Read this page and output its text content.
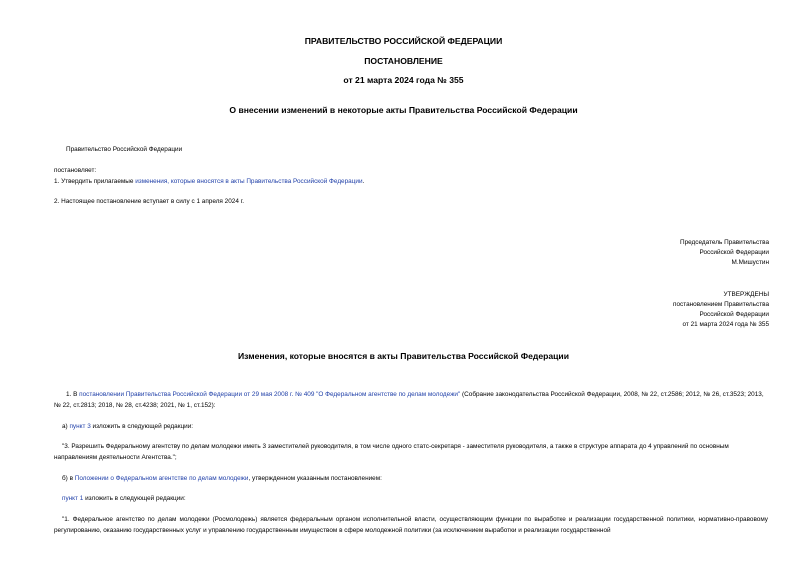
ПРАВИТЕЛЬСТВО РОССИЙСКОЙ ФЕДЕРАЦИИ
ПОСТАНОВЛЕНИЕ
от 21 марта 2024 года № 355
О внесении изменений в некоторые акты Правительства Российской Федерации
Правительство Российской Федерации
постановляет:
1. Утвердить прилагаемые изменения, которые вносятся в акты Правительства Российской Федерации.
2. Настоящее постановление вступает в силу с 1 апреля 2024 г.
Председатель Правительства
Российской Федерации
М.Мишустин
УТВЕРЖДЕНЫ
постановлением Правительства
Российской Федерации
от 21 марта 2024 года № 355
Изменения, которые вносятся в акты Правительства Российской Федерации
1. В постановлении Правительства Российской Федерации от 29 мая 2008 г. № 409 "О Федеральном агентстве по делам молодежи" (Собрание законодательства Российской Федерации, 2008, № 22, ст.2586; 2012, № 26, ст.3523; 2013, № 22, ст.2813; 2018, № 28, ст.4238; 2021, № 1, ст.152):
а) пункт 3 изложить в следующей редакции:
"3. Разрешить Федеральному агентству по делам молодежи иметь 3 заместителей руководителя, в том числе одного статс-секретаря - заместителя руководителя, а также в структуре аппарата до 4 управлений по основным направлениям деятельности Агентства.";
б) в Положении о Федеральном агентстве по делам молодежи, утвержденном указанным постановлением:
пункт 1 изложить в следующей редакции:
"1. Федеральное агентство по делам молодежи (Росмолодежь) является федеральным органом исполнительной власти, осуществляющим функции по выработке и реализации государственной политики, нормативно-правовому регулированию, оказанию государственных услуг и управлению государственным имуществом в сфере молодежной политики (за исключением выработки и реализации государственной
